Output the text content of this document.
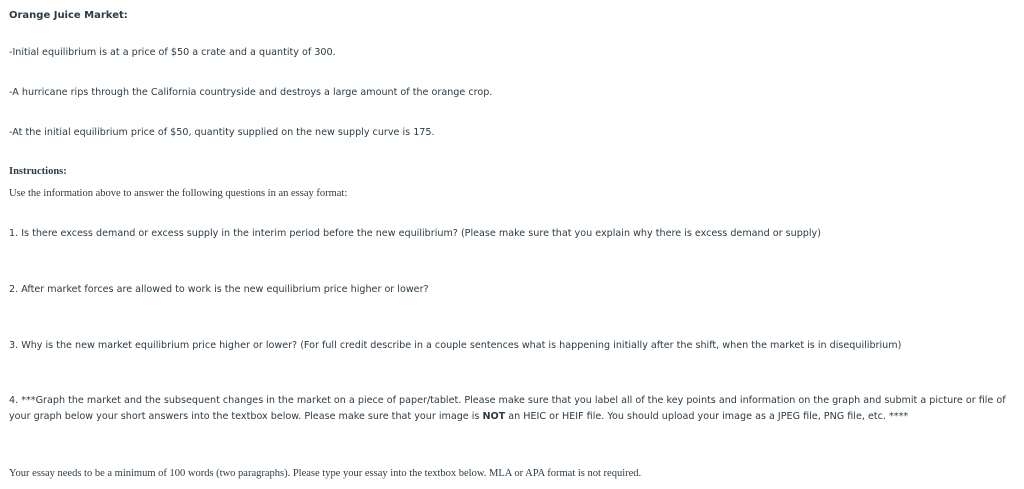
Orange Juice Market:
-Initial equilibrium is at a price of $50 a crate and a quantity of 300.
-A hurricane rips through the California countryside and destroys a large amount of the orange crop.
-At the initial equilibrium price of $50, quantity supplied on the new supply curve is 175.
Instructions:
Use the information above to answer the following questions in an essay format:
1. Is there excess demand or excess supply in the interim period before the new equilibrium? (Please make sure that you explain why there is excess demand or supply)
2. After market forces are allowed to work is the new equilibrium price higher or lower?
3. Why is the new market equilibrium price higher or lower? (For full credit describe in a couple sentences what is happening initially after the shift, when the market is in disequilibrium)
4. ***Graph the market and the subsequent changes in the market on a piece of paper/tablet. Please make sure that you label all of the key points and information on the graph and submit a picture or file of your graph below your short answers into the textbox below. Please make sure that your image is NOT an HEIC or HEIF file. You should upload your image as a JPEG file, PNG file, etc. ****
Your essay needs to be a minimum of 100 words (two paragraphs). Please type your essay into the textbox below. MLA or APA format is not required.
